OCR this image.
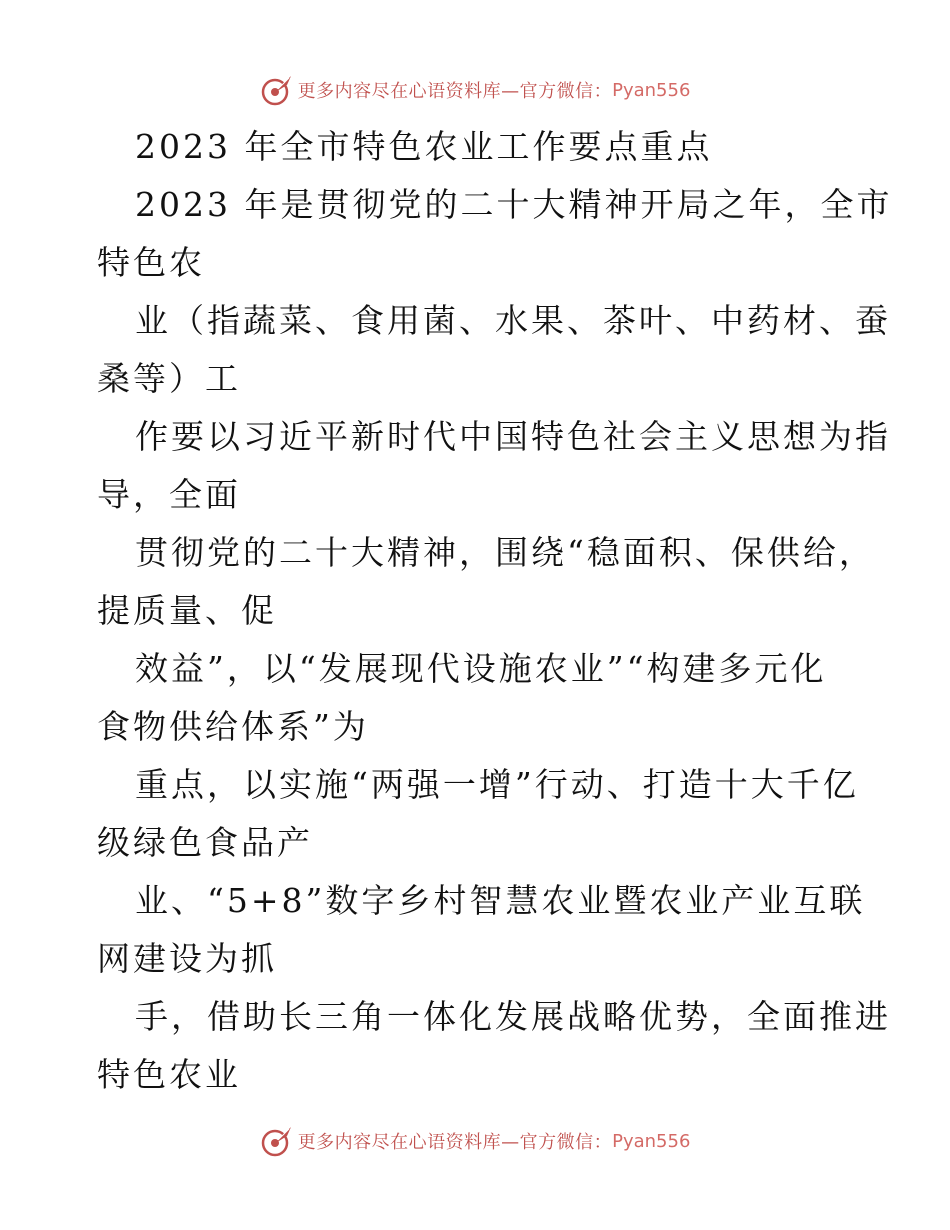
更多内容尽在心语资料库—官方微信： Pyan556
2023 年全市特色农业工作要点重点
2023 年是贯彻党的二十大精神开局之年，全市
特色农
业（指蔬菜、食用菌、水果、茶叶、中药材、蚕
桑等）工
作要以习近平新时代中国特色社会主义思想为指
导，全面
贯彻党的二十大精神，围绕“稳面积、保供给，
提质量、促
效益”，以“发展现代设施农业”“构建多元化
食物供给体系”为
重点，以实施“两强一增”行动、打造十大千亿
级绿色食品产
业、“5+8”数字乡村智慧农业暨农业产业互联
网建设为抓
手，借助长三角一体化发展战略优势，全面推进
特色农业
更多内容尽在心语资料库—官方微信： Pyan556
